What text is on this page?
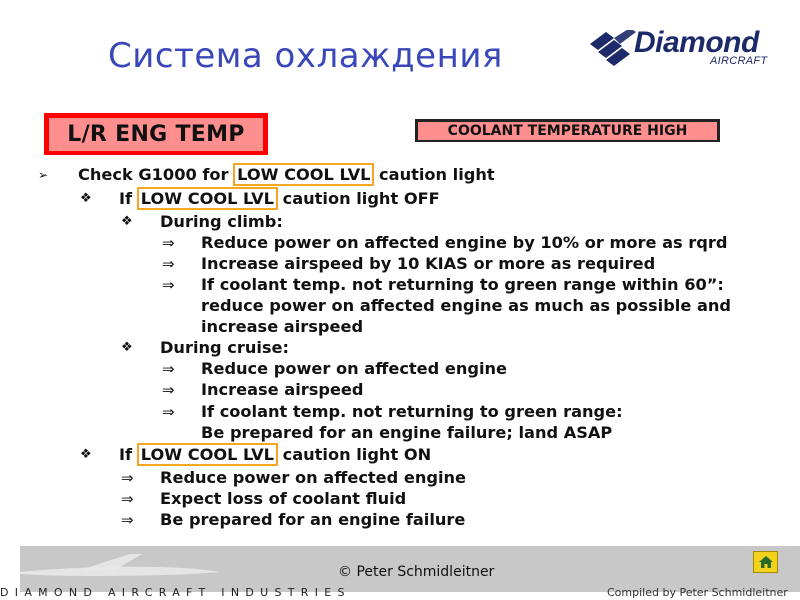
Система охлаждения	Diamond
AIRCRAFT
L/R ENG TEMP	COOLANT TEMPERATURE HIGH
➢ Check G1000 for LOW COOL LVL caution light
❖ If LOW COOL LVL caution light OFF
❖ During climb:
⇒ Reduce power on affected engine by 10% or more as rqrd
⇒ Increase airspeed by 10 KIAS or more as required
⇒ If coolant temp. not returning to green range within 60”:
reduce power on affected engine as much as possible and
increase airspeed
❖ During cruise:
⇒ Reduce power on affected engine
⇒ Increase airspeed
⇒ If coolant temp. not returning to green range:
Be prepared for an engine failure; land ASAP
❖ If LOW COOL LVL caution light ON
⇒ Reduce power on affected engine
⇒ Expect loss of coolant fluid
⇒ Be prepared for an engine failure
© Peter Schmidleitner
DIAMOND AIRCRAFT INDUSTRIES	Compiled by Peter Schmidleitner
